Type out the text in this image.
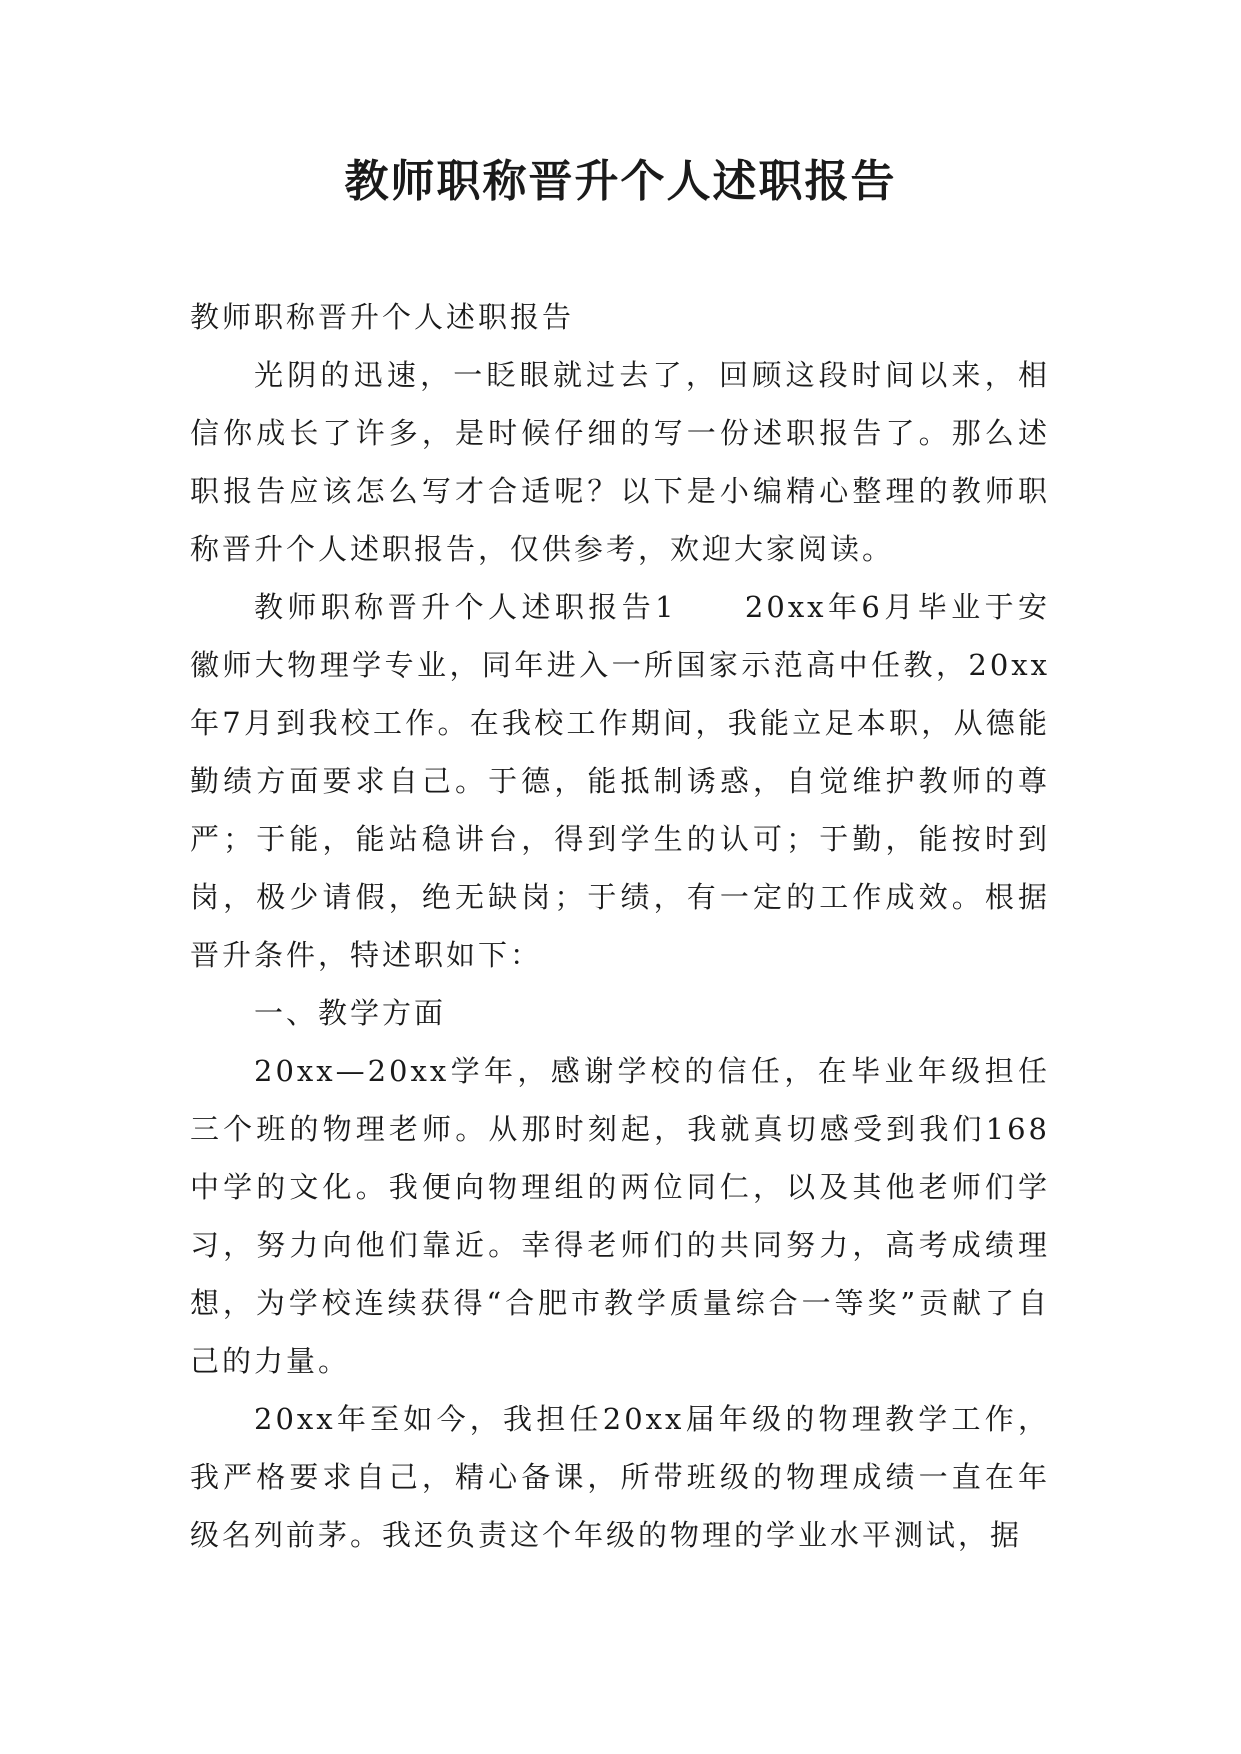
教师职称晋升个人述职报告

教师职称晋升个人述职报告

光阴的迅速，一眨眼就过去了，回顾这段时间以来，相信你成长了许多，是时候仔细的写一份述职报告了。那么述职报告应该怎么写才合适呢？以下是小编精心整理的教师职称晋升个人述职报告，仅供参考，欢迎大家阅读。

教师职称晋升个人述职报告1　　20xx年6月毕业于安徽师大物理学专业，同年进入一所国家示范高中任教，20xx年7月到我校工作。在我校工作期间，我能立足本职，从德能勤绩方面要求自己。于德，能抵制诱惑，自觉维护教师的尊严；于能，能站稳讲台，得到学生的认可；于勤，能按时到岗，极少请假，绝无缺岗；于绩，有一定的工作成效。根据晋升条件，特述职如下：

一、教学方面

20xx—20xx学年，感谢学校的信任，在毕业年级担任三个班的物理老师。从那时刻起，我就真切感受到我们168中学的文化。我便向物理组的两位同仁，以及其他老师们学习，努力向他们靠近。幸得老师们的共同努力，高考成绩理想，为学校连续获得“合肥市教学质量综合一等奖”贡献了自己的力量。

20xx年至如今，我担任20xx届年级的物理教学工作，我严格要求自己，精心备课，所带班级的物理成绩一直在年级名列前茅。我还负责这个年级的物理的学业水平测试，据
